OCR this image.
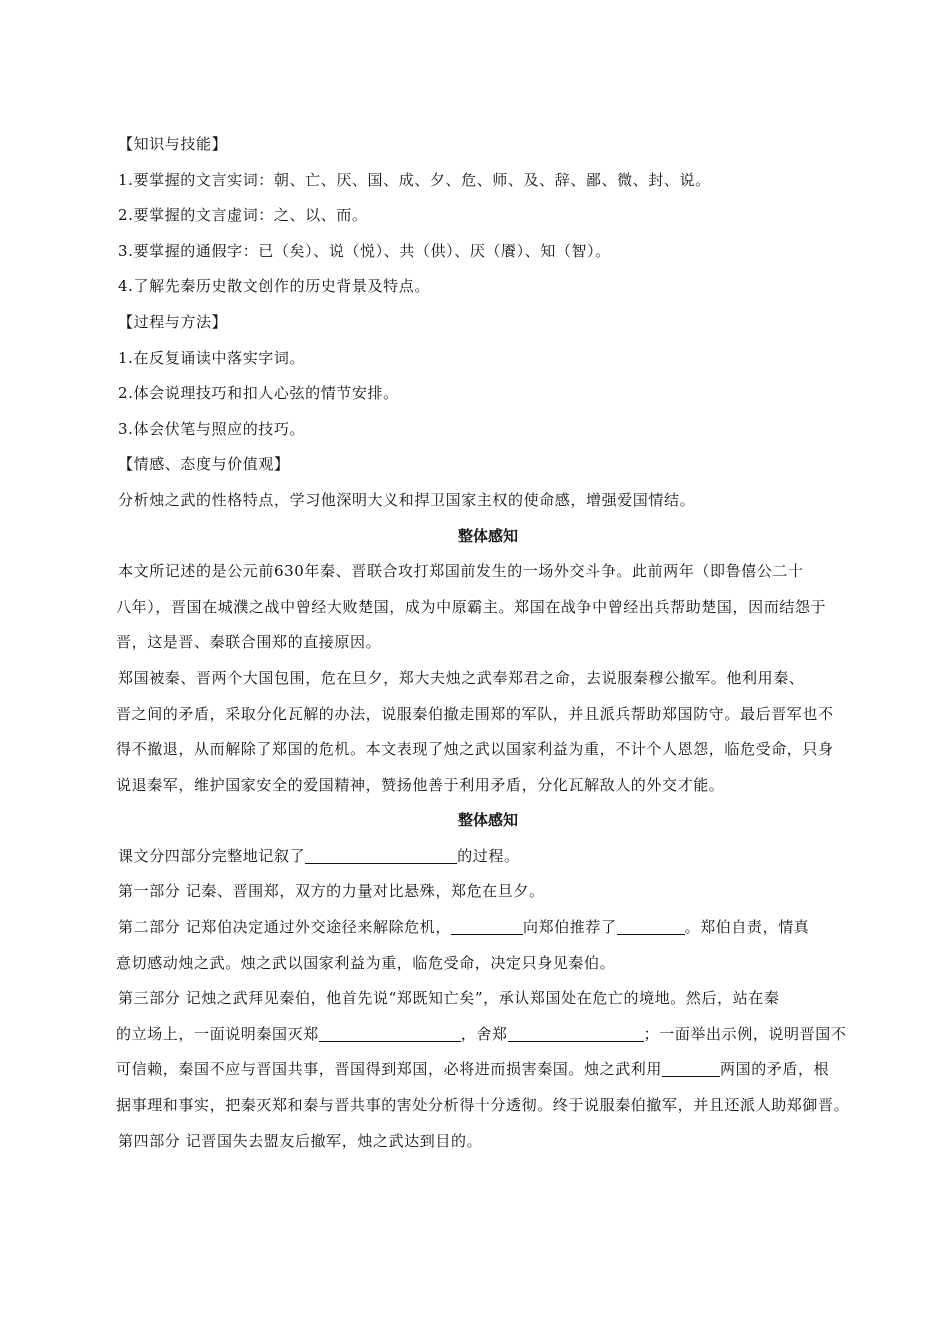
【知识与技能】
1.要掌握的文言实词：朝、亡、厌、国、成、夕、危、师、及、辞、鄙、微、封、说。
2.要掌握的文言虚词：之、以、而。
3.要掌握的通假字：已（矣）、说（悦）、共（供）、厌（餍）、知（智）。
4.了解先秦历史散文创作的历史背景及特点。
【过程与方法】
1.在反复诵读中落实字词。
2.体会说理技巧和扣人心弦的情节安排。
3.体会伏笔与照应的技巧。
【情感、态度与价值观】
分析烛之武的性格特点，学习他深明大义和捍卫国家主权的使命感，增强爱国情结。
整体感知
本文所记述的是公元前630年秦、晋联合攻打郑国前发生的一场外交斗争。此前两年（即鲁僖公二十
八年），晋国在城濮之战中曾经大败楚国，成为中原霸主。郑国在战争中曾经出兵帮助楚国，因而结怨于
晋，这是晋、秦联合围郑的直接原因。
郑国被秦、晋两个大国包围，危在旦夕，郑大夫烛之武奉郑君之命，去说服秦穆公撤军。他利用秦、
晋之间的矛盾，采取分化瓦解的办法，说服秦伯撤走围郑的军队，并且派兵帮助郑国防守。最后晋军也不
得不撤退，从而解除了郑国的危机。本文表现了烛之武以国家利益为重，不计个人恩怨，临危受命，只身
说退秦军，维护国家安全的爱国精神，赞扬他善于利用矛盾，分化瓦解敌人的外交才能。
整体感知
课文分四部分完整地记叙了	的过程。
第一部分 记秦、晋围郑，双方的力量对比悬殊，郑危在旦夕。
第二部分 记郑伯决定通过外交途径来解除危机，	向郑伯推荐了	。郑伯自责，情真
意切感动烛之武。烛之武以国家利益为重，临危受命，决定只身见秦伯。
第三部分 记烛之武拜见秦伯，他首先说“郑既知亡矣”，承认郑国处在危亡的境地。然后，站在秦
的立场上，一面说明秦国灭郑	，舍郑	；一面举出示例，说明晋国不
可信赖，秦国不应与晋国共事，晋国得到郑国，必将进而损害秦国。烛之武利用	两国的矛盾，根
据事理和事实，把秦灭郑和秦与晋共事的害处分析得十分透彻。终于说服秦伯撤军，并且还派人助郑御晋。
第四部分 记晋国失去盟友后撤军，烛之武达到目的。
